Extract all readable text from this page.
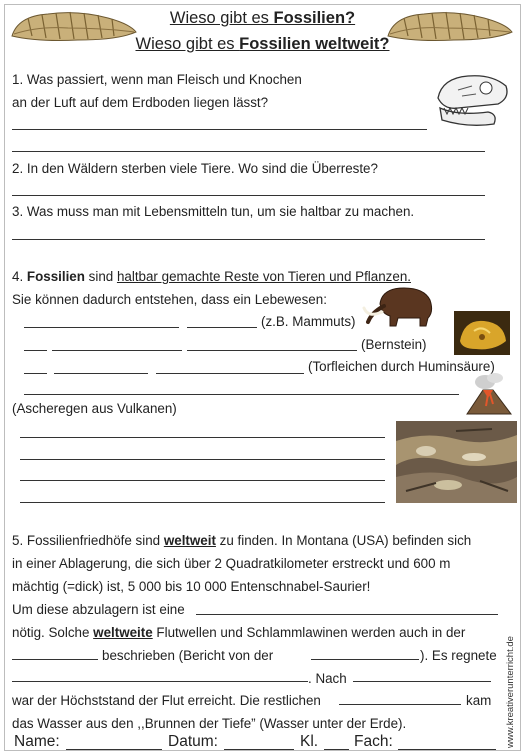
Wieso gibt es Fossilien?
Wieso gibt es Fossilien weltweit?
1. Was passiert, wenn man Fleisch und Knochen
an der Luft auf dem Erdboden liegen lässt?
2. In den Wäldern sterben viele Tiere. Wo sind die Überreste?
3. Was muss man mit Lebensmitteln tun, um sie haltbar zu machen.
4. Fossilien sind haltbar gemachte Reste von Tieren und Pflanzen.
Sie können dadurch entstehen, dass ein Lebewesen:
(z.B. Mammuts)
(Bernstein)
(Torfleichen durch Huminsäure)
(Ascheregen aus Vulkanen)
5. Fossilienfriedhöfe sind weltweit zu finden. In Montana (USA) befinden sich
in einer Ablagerung, die sich über 2 Quadratkilometer erstreckt und 600 m
mächtig (=dick) ist, 5 000 bis 10 000 Entenschnabel-Saurier!
Um diese abzulagern ist eine
nötig. Solche weltweite Flutwellen und Schlammlawinen werden auch in der
beschrieben (Bericht von der	). Es regnete
. Nach
war der Höchststand der Flut erreicht. Die restlichen	kam
das Wasser aus den ,,Brunnen der Tiefe” (Wasser unter der Erde).
Name:	Datum:	Kl. Fach:	www.kreativerunterricht.de
